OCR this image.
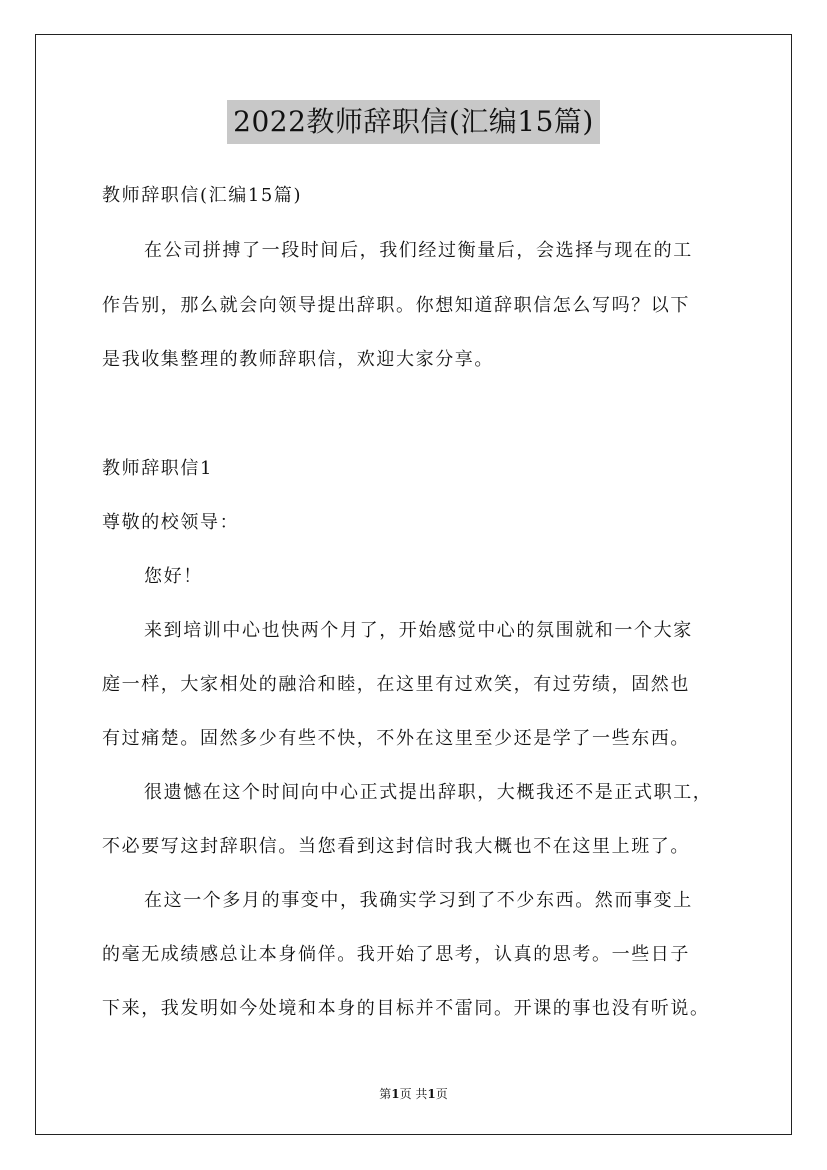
2022教师辞职信(汇编15篇)
教师辞职信(汇编15篇)
在公司拼搏了一段时间后，我们经过衡量后，会选择与现在的工
作告别，那么就会向领导提出辞职。你想知道辞职信怎么写吗？以下
是我收集整理的教师辞职信，欢迎大家分享。
教师辞职信1
尊敬的校领导：
您好！
来到培训中心也快两个月了，开始感觉中心的氛围就和一个大家
庭一样，大家相处的融洽和睦，在这里有过欢笑，有过劳绩，固然也
有过痛楚。固然多少有些不快，不外在这里至少还是学了一些东西。
很遗憾在这个时间向中心正式提出辞职，大概我还不是正式职工，
不必要写这封辞职信。当您看到这封信时我大概也不在这里上班了。
在这一个多月的事变中，我确实学习到了不少东西。然而事变上
的毫无成绩感总让本身倘佯。我开始了思考，认真的思考。一些日子
下来，我发明如今处境和本身的目标并不雷同。开课的事也没有听说。
第1页 共1页
